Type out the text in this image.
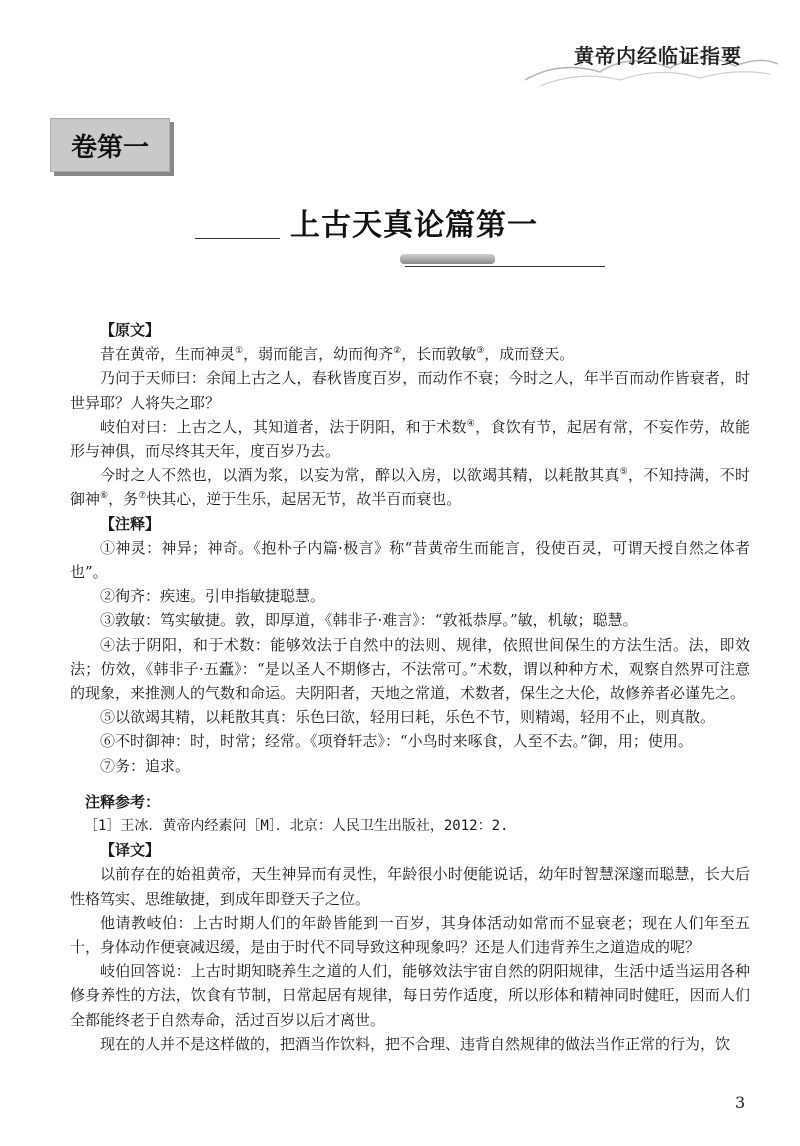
黄帝内经临证指要
卷第一
上古天真论篇第一

【原文】

昔在黄帝，生而神灵①，弱而能言，幼而徇齐②，长而敦敏③，成而登天。

乃问于天师曰：余闻上古之人，春秋皆度百岁，而动作不衰；今时之人，年半百而动作皆衰者，时世异耶？人将失之耶？

岐伯对曰：上古之人，其知道者，法于阴阳，和于术数④，食饮有节，起居有常，不妄作劳，故能形与神俱，而尽终其天年，度百岁乃去。

今时之人不然也，以酒为浆，以妄为常，醉以入房，以欲竭其精，以耗散其真⑤，不知持满，不时御神⑥，务⑦快其心，逆于生乐，起居无节，故半百而衰也。

【注释】

①神灵：神异；神奇。《抱朴子内篇·极言》称“昔黄帝生而能言，役使百灵，可谓天授自然之体者也”。

②徇齐：疾速。引申指敏捷聪慧。

③敦敏：笃实敏捷。敦，即厚道，《韩非子·难言》：“敦祗恭厚。”敏，机敏；聪慧。

④法于阴阳，和于术数：能够效法于自然中的法则、规律，依照世间保生的方法生活。法，即效法；仿效，《韩非子·五蠹》：“是以圣人不期修古，不法常可。”术数，谓以种种方术，观察自然界可注意的现象，来推测人的气数和命运。夫阴阳者，天地之常道，术数者，保生之大伦，故修养者必谨先之。

⑤以欲竭其精，以耗散其真：乐色曰欲，轻用曰耗，乐色不节，则精竭，轻用不止，则真散。

⑥不时御神：时，时常；经常。《项脊轩志》：“小鸟时来啄食，人至不去。”御，用；使用。

⑦务：追求。

注释参考：

［1］王冰．黄帝内经素问［M］．北京：人民卫生出版社，2012：2.

【译文】

以前存在的始祖黄帝，天生神异而有灵性，年龄很小时便能说话，幼年时智慧深邃而聪慧，长大后性格笃实、思维敏捷，到成年即登天子之位。

他请教岐伯：上古时期人们的年龄皆能到一百岁，其身体活动如常而不显衰老；现在人们年至五十，身体动作便衰减迟缓，是由于时代不同导致这种现象吗？还是人们违背养生之道造成的呢？

岐伯回答说：上古时期知晓养生之道的人们，能够效法宇宙自然的阴阳规律，生活中适当运用各种修身养性的方法，饮食有节制，日常起居有规律，每日劳作适度，所以形体和精神同时健旺，因而人们全都能终老于自然寿命，活过百岁以后才离世。

现在的人并不是这样做的，把酒当作饮料，把不合理、违背自然规律的做法当作正常的行为，饮

3
